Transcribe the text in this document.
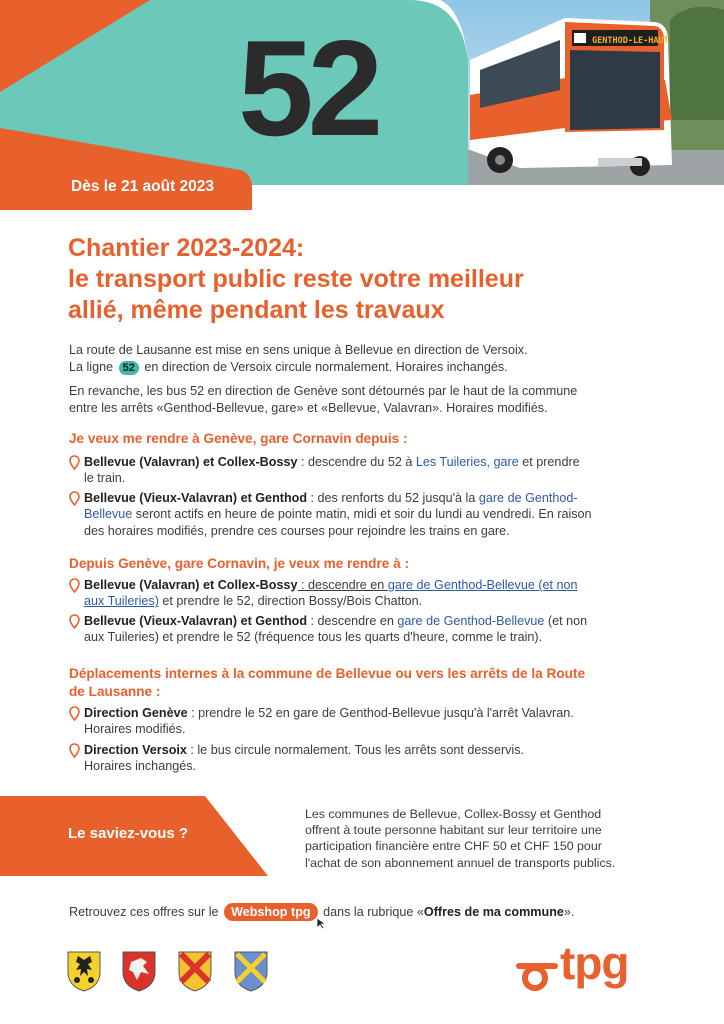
GENTHOD-LE-HAUT
52
Dès le 21 août 2023
Chantier 2023-2024:
le transport public reste votre meilleur
allié, même pendant les travaux
La route de Lausanne est mise en sens unique à Bellevue en direction de Versoix.
La ligne 52 en direction de Versoix circule normalement. Horaires inchangés.
En revanche, les bus 52 en direction de Genève sont détournés par le haut de la commune
entre les arrêts «Genthod-Bellevue, gare» et «Bellevue, Valavran». Horaires modifiés.
Je veux me rendre à Genève, gare Cornavin depuis :
Bellevue (Valavran) et Collex-Bossy : descendre du 52 à Les Tuileries, gare et prendre
le train.
Bellevue (Vieux-Valavran) et Genthod : des renforts du 52 jusqu'à la gare de Genthod-
Bellevue seront actifs en heure de pointe matin, midi et soir du lundi au vendredi. En raison
des horaires modifiés, prendre ces courses pour rejoindre les trains en gare.
Depuis Genève, gare Cornavin, je veux me rendre à :
Bellevue (Valavran) et Collex-Bossy : descendre en gare de Genthod-Bellevue (et non
aux Tuileries) et prendre le 52, direction Bossy/Bois Chatton.
Bellevue (Vieux-Valavran) et Genthod : descendre en gare de Genthod-Bellevue (et non
aux Tuileries) et prendre le 52 (fréquence tous les quarts d'heure, comme le train).
Déplacements internes à la commune de Bellevue ou vers les arrêts de la Route
de Lausanne :
Direction Genève : prendre le 52 en gare de Genthod-Bellevue jusqu'à l'arrêt Valavran.
Horaires modifiés.
Direction Versoix : le bus circule normalement. Tous les arrêts sont desservis.
Horaires inchangés.
Le saviez-vous ?
Les communes de Bellevue, Collex-Bossy et Genthod
offrent à toute personne habitant sur leur territoire une
participation financière entre CHF 50 et CHF 150 pour
l'achat de son abonnement annuel de transports publics.
Retrouvez ces offres sur le Webshop tpg dans la rubrique «Offres de ma commune».
tpg
